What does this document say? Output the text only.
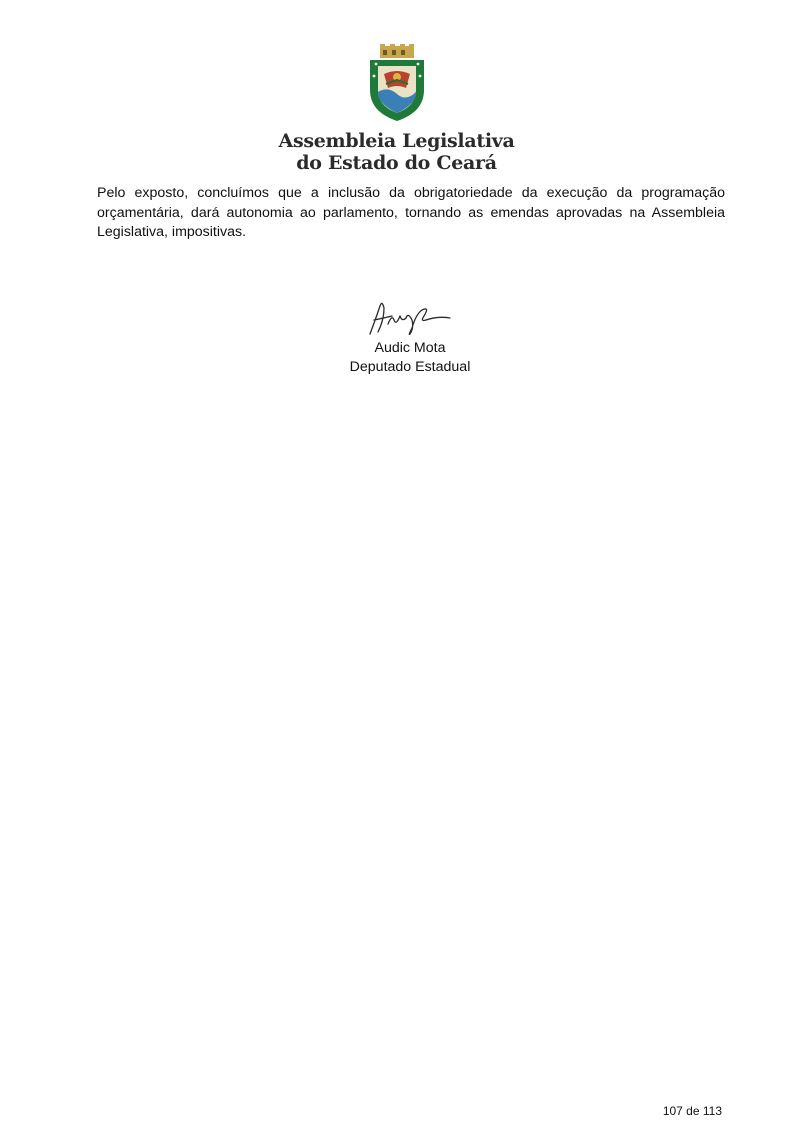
Assembleia Legislativa
do Estado do Ceará

Pelo exposto, concluímos que a inclusão da obrigatoriedade da execução da programação orçamentária, dará autonomia ao parlamento, tornando as emendas aprovadas na Assembleia Legislativa, impositivas.

Audic Mota
Deputado Estadual
107 de 113
